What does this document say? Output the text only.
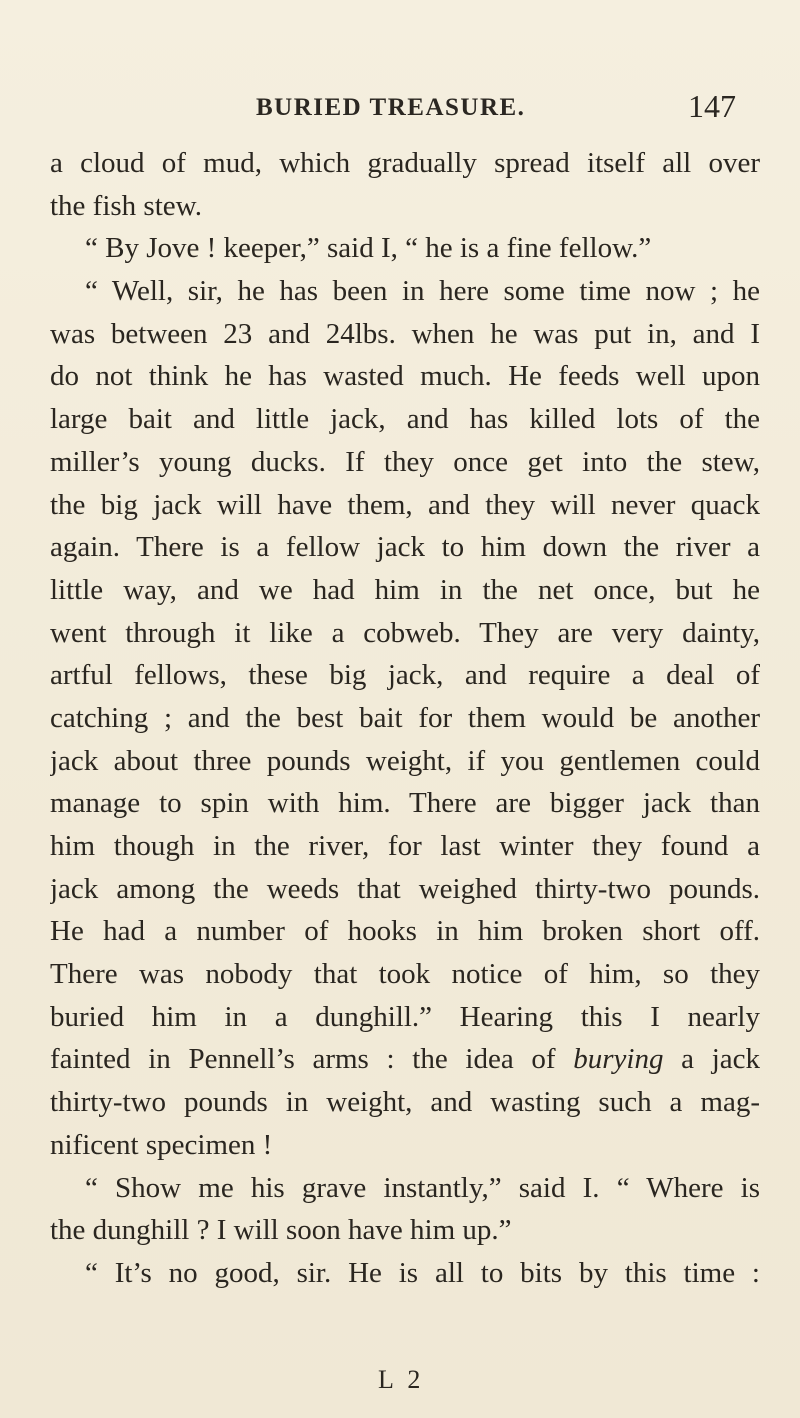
BURIED TREASURE.	147
a cloud of mud, which gradually spread itself all over
the fish stew.
“ By Jove ! keeper,” said I, “ he is a fine fellow.”
“ Well, sir, he has been in here some time now ; he
was between 23 and 24lbs. when he was put in, and I
do not think he has wasted much. He feeds well upon
large bait and little jack, and has killed lots of the
miller’s young ducks. If they once get into the stew,
the big jack will have them, and they will never quack
again. There is a fellow jack to him down the river a
little way, and we had him in the net once, but he
went through it like a cobweb. They are very dainty,
artful fellows, these big jack, and require a deal of
catching ; and the best bait for them would be another
jack about three pounds weight, if you gentlemen could
manage to spin with him. There are bigger jack than
him though in the river, for last winter they found a
jack among the weeds that weighed thirty-two pounds.
He had a number of hooks in him broken short off.
There was nobody that took notice of him, so they
buried him in a dunghill.” Hearing this I nearly
fainted in Pennell’s arms : the idea of burying a jack
thirty-two pounds in weight, and wasting such a mag-
nificent specimen !
“ Show me his grave instantly,” said I. “ Where is
the dunghill ? I will soon have him up.”
“ It’s no good, sir. He is all to bits by this time :
L 2
